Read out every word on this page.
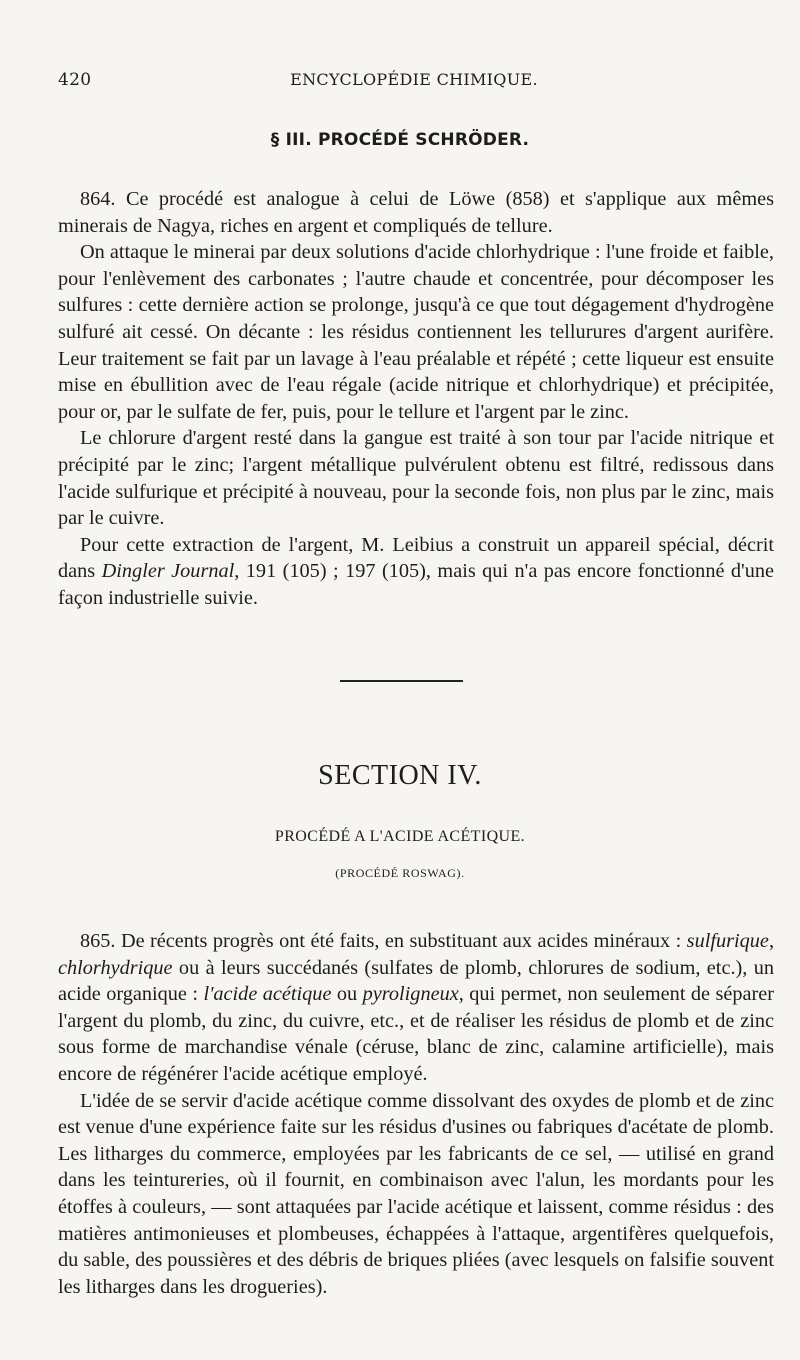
420	ENCYCLOPÉDIE CHIMIQUE.
§ III. PROCÉDÉ SCHRÖDER.

864. Ce procédé est analogue à celui de Löwe (858) et s'applique aux mêmes minerais de Nagya, riches en argent et compliqués de tellure.

On attaque le minerai par deux solutions d'acide chlorhydrique : l'une froide et faible, pour l'enlèvement des carbonates ; l'autre chaude et concentrée, pour décomposer les sulfures : cette dernière action se prolonge, jusqu'à ce que tout dégagement d'hydrogène sulfuré ait cessé. On décante : les résidus contiennent les tellurures d'argent aurifère. Leur traitement se fait par un lavage à l'eau préalable et répété ; cette liqueur est ensuite mise en ébullition avec de l'eau régale (acide nitrique et chlorhydrique) et précipitée, pour or, par le sulfate de fer, puis, pour le tellure et l'argent par le zinc.

Le chlorure d'argent resté dans la gangue est traité à son tour par l'acide nitrique et précipité par le zinc; l'argent métallique pulvérulent obtenu est filtré, redissous dans l'acide sulfurique et précipité à nouveau, pour la seconde fois, non plus par le zinc, mais par le cuivre.

Pour cette extraction de l'argent, M. Leibius a construit un appareil spécial, décrit dans Dingler Journal, 191 (105) ; 197 (105), mais qui n'a pas encore fonctionné d'une façon industrielle suivie.

SECTION IV.
PROCÉDÉ A L'ACIDE ACÉTIQUE.
(PROCÉDÉ ROSWAG).

865. De récents progrès ont été faits, en substituant aux acides minéraux : sulfurique, chlorhydrique ou à leurs succédanés (sulfates de plomb, chlorures de sodium, etc.), un acide organique : l'acide acétique ou pyroligneux, qui permet, non seulement de séparer l'argent du plomb, du zinc, du cuivre, etc., et de réaliser les résidus de plomb et de zinc sous forme de marchandise vénale (céruse, blanc de zinc, calamine artificielle), mais encore de régénérer l'acide acétique employé.

L'idée de se servir d'acide acétique comme dissolvant des oxydes de plomb et de zinc est venue d'une expérience faite sur les résidus d'usines ou fabriques d'acétate de plomb. Les litharges du commerce, employées par les fabricants de ce sel, — utilisé en grand dans les teintureries, où il fournit, en combinaison avec l'alun, les mordants pour les étoffes à couleurs, — sont attaquées par l'acide acétique et laissent, comme résidus : des matières antimonieuses et plombeuses, échappées à l'attaque, argentifères quelquefois, du sable, des poussières et des débris de briques pliées (avec lesquels on falsifie souvent les litharges dans les drogueries).
